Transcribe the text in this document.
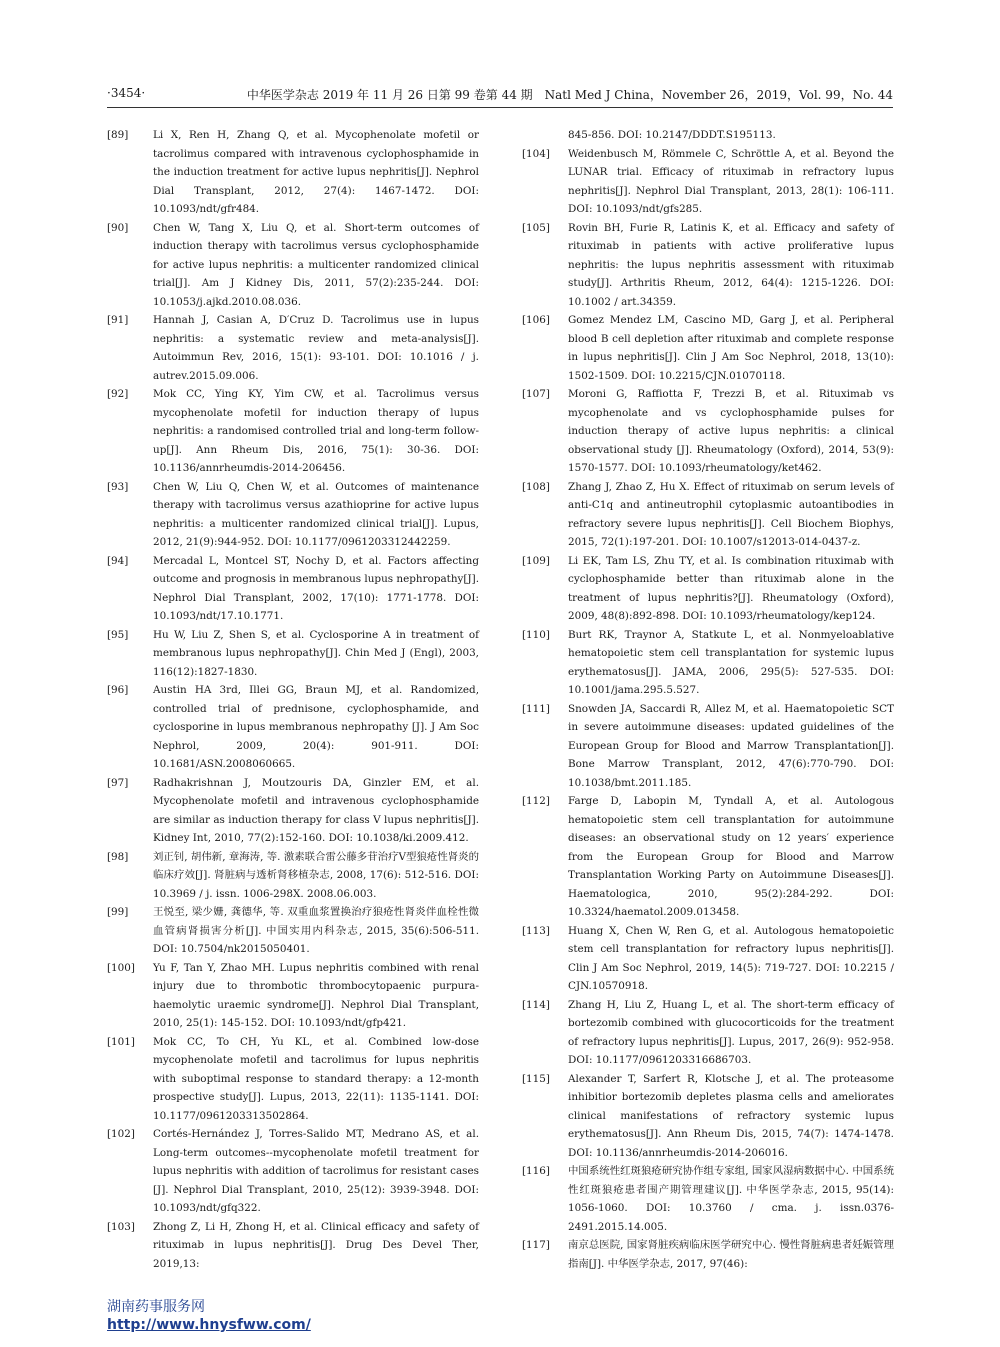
·3454·	中华医学杂志 2019 年 11 月 26 日第 99 卷第 44 期　Natl Med J China，November 26，2019，Vol. 99，No. 44
[89]	Li X, Ren H, Zhang Q, et al. Mycophenolate mofetil or tacrolimus compared with intravenous cyclophosphamide in the induction treatment for active lupus nephritis[J]. Nephrol Dial Transplant, 2012, 27(4): 1467-1472. DOI: 10.1093/ndt/gfr484.
[90]	Chen W, Tang X, Liu Q, et al. Short-term outcomes of induction therapy with tacrolimus versus cyclophosphamide for active lupus nephritis: a multicenter randomized clinical trial[J]. Am J Kidney Dis, 2011, 57(2):235-244. DOI: 10.1053/j.ajkd.2010.08.036.
[91]	Hannah J, Casian A, D′Cruz D. Tacrolimus use in lupus nephritis: a systematic review and meta-analysis[J]. Autoimmun Rev, 2016, 15(1): 93-101. DOI: 10.1016 / j. autrev.2015.09.006.
[92]	Mok CC, Ying KY, Yim CW, et al. Tacrolimus versus mycophenolate mofetil for induction therapy of lupus nephritis: a randomised controlled trial and long-term follow-up[J]. Ann Rheum Dis, 2016, 75(1): 30-36. DOI: 10.1136/annrheumdis-2014-206456.
[93]	Chen W, Liu Q, Chen W, et al. Outcomes of maintenance therapy with tacrolimus versus azathioprine for active lupus nephritis: a multicenter randomized clinical trial[J]. Lupus, 2012, 21(9):944-952. DOI: 10.1177/0961203312442259.
[94]	Mercadal L, Montcel ST, Nochy D, et al. Factors affecting outcome and prognosis in membranous lupus nephropathy[J]. Nephrol Dial Transplant, 2002, 17(10): 1771-1778. DOI: 10.1093/ndt/17.10.1771.
[95]	Hu W, Liu Z, Shen S, et al. Cyclosporine A in treatment of membranous lupus nephropathy[J]. Chin Med J (Engl), 2003, 116(12):1827-1830.
[96]	Austin HA 3rd, Illei GG, Braun MJ, et al. Randomized, controlled trial of prednisone, cyclophosphamide, and cyclosporine in lupus membranous nephropathy [J]. J Am Soc Nephrol, 2009, 20(4): 901-911. DOI: 10.1681/ASN.2008060665.
[97]	Radhakrishnan J, Moutzouris DA, Ginzler EM, et al. Mycophenolate mofetil and intravenous cyclophosphamide are similar as induction therapy for class Ⅴ lupus nephritis[J]. Kidney Int, 2010, 77(2):152-160. DOI: 10.1038/ki.2009.412.
[98]	刘正钊, 胡伟新, 章海涛, 等. 激素联合雷公藤多苷治疗Ⅴ型狼疮性肾炎的临床疗效[J]. 肾脏病与透析肾移植杂志, 2008, 17(6): 512-516. DOI: 10.3969 / j. issn. 1006-298X. 2008.06.003.
[99]	王悦至, 梁少姗, 龚德华, 等. 双重血浆置换治疗狼疮性肾炎伴血栓性微血管病肾损害分析[J]. 中国实用内科杂志, 2015, 35(6):506-511. DOI: 10.7504/nk2015050401.
[100]	Yu F, Tan Y, Zhao MH. Lupus nephritis combined with renal injury due to thrombotic thrombocytopaenic purpura-haemolytic uraemic syndrome[J]. Nephrol Dial Transplant, 2010, 25(1): 145-152. DOI: 10.1093/ndt/gfp421.
[101]	Mok CC, To CH, Yu KL, et al. Combined low-dose mycophenolate mofetil and tacrolimus for lupus nephritis with suboptimal response to standard therapy: a 12-month prospective study[J]. Lupus, 2013, 22(11): 1135-1141. DOI: 10.1177/0961203313502864.
[102]	Cortés-Hernández J, Torres-Salido MT, Medrano AS, et al. Long-term outcomes--mycophenolate mofetil treatment for lupus nephritis with addition of tacrolimus for resistant cases [J]. Nephrol Dial Transplant, 2010, 25(12): 3939-3948. DOI: 10.1093/ndt/gfq322.
[103]	Zhong Z, Li H, Zhong H, et al. Clinical efficacy and safety of rituximab in lupus nephritis[J]. Drug Des Devel Ther, 2019,13:
845-856. DOI: 10.2147/DDDT.S195113.
[104]	Weidenbusch M, Römmele C, Schröttle A, et al. Beyond the LUNAR trial. Efficacy of rituximab in refractory lupus nephritis[J]. Nephrol Dial Transplant, 2013, 28(1): 106-111. DOI: 10.1093/ndt/gfs285.
[105]	Rovin BH, Furie R, Latinis K, et al. Efficacy and safety of rituximab in patients with active proliferative lupus nephritis: the lupus nephritis assessment with rituximab study[J]. Arthritis Rheum, 2012, 64(4): 1215-1226. DOI: 10.1002 / art.34359.
[106]	Gomez Mendez LM, Cascino MD, Garg J, et al. Peripheral blood B cell depletion after rituximab and complete response in lupus nephritis[J]. Clin J Am Soc Nephrol, 2018, 13(10): 1502-1509. DOI: 10.2215/CJN.01070118.
[107]	Moroni G, Raffiotta F, Trezzi B, et al. Rituximab vs mycophenolate and vs cyclophosphamide pulses for induction therapy of active lupus nephritis: a clinical observational study [J]. Rheumatology (Oxford), 2014, 53(9): 1570-1577. DOI: 10.1093/rheumatology/ket462.
[108]	Zhang J, Zhao Z, Hu X. Effect of rituximab on serum levels of anti-C1q and antineutrophil cytoplasmic autoantibodies in refractory severe lupus nephritis[J]. Cell Biochem Biophys, 2015, 72(1):197-201. DOI: 10.1007/s12013-014-0437-z.
[109]	Li EK, Tam LS, Zhu TY, et al. Is combination rituximab with cyclophosphamide better than rituximab alone in the treatment of lupus nephritis?[J]. Rheumatology (Oxford), 2009, 48(8):892-898. DOI: 10.1093/rheumatology/kep124.
[110]	Burt RK, Traynor A, Statkute L, et al. Nonmyeloablative hematopoietic stem cell transplantation for systemic lupus erythematosus[J]. JAMA, 2006, 295(5): 527-535. DOI: 10.1001/jama.295.5.527.
[111]	Snowden JA, Saccardi R, Allez M, et al. Haematopoietic SCT in severe autoimmune diseases: updated guidelines of the European Group for Blood and Marrow Transplantation[J]. Bone Marrow Transplant, 2012, 47(6):770-790. DOI: 10.1038/bmt.2011.185.
[112]	Farge D, Labopin M, Tyndall A, et al. Autologous hematopoietic stem cell transplantation for autoimmune diseases: an observational study on 12 years′ experience from the European Group for Blood and Marrow Transplantation Working Party on Autoimmune Diseases[J]. Haematologica, 2010, 95(2):284-292. DOI: 10.3324/haematol.2009.013458.
[113]	Huang X, Chen W, Ren G, et al. Autologous hematopoietic stem cell transplantation for refractory lupus nephritis[J]. Clin J Am Soc Nephrol, 2019, 14(5): 719-727. DOI: 10.2215 / CJN.10570918.
[114]	Zhang H, Liu Z, Huang L, et al. The short-term efficacy of bortezomib combined with glucocorticoids for the treatment of refractory lupus nephritis[J]. Lupus, 2017, 26(9): 952-958. DOI: 10.1177/0961203316686703.
[115]	Alexander T, Sarfert R, Klotsche J, et al. The proteasome inhibitior bortezomib depletes plasma cells and ameliorates clinical manifestations of refractory systemic lupus erythematosus[J]. Ann Rheum Dis, 2015, 74(7): 1474-1478. DOI: 10.1136/annrheumdis-2014-206016.
[116]	中国系统性红斑狼疮研究协作组专家组, 国家风湿病数据中心. 中国系统性红斑狼疮患者围产期管理建议[J]. 中华医学杂志, 2015, 95(14): 1056-1060. DOI: 10.3760 / cma. j. issn.0376-2491.2015.14.005.
[117]	南京总医院, 国家肾脏疾病临床医学研究中心. 慢性肾脏病患者妊娠管理指南[J]. 中华医学杂志, 2017, 97(46):
湖南药事服务网
http://www.hnysfww.com/
